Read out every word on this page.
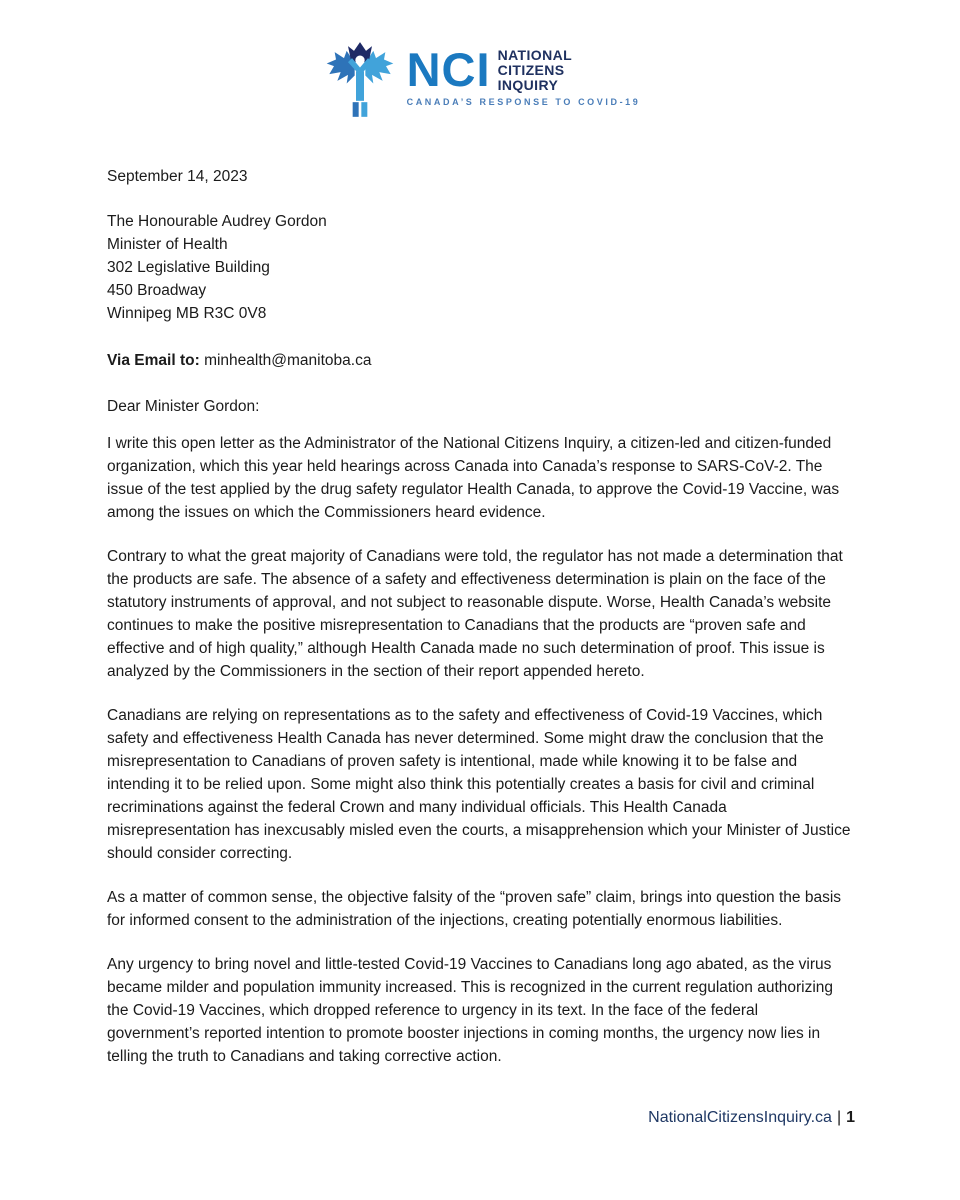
NCI NATIONAL
CITIZENS
INQUIRY
CANADA’S RESPONSE TO COVID-19

September 14, 2023

The Honourable Audrey Gordon

Minister of Health

302 Legislative Building

450 Broadway

Winnipeg MB R3C 0V8

Via Email to: minhealth@manitoba.ca

Dear Minister Gordon:

I write this open letter as the Administrator of the National Citizens Inquiry, a citizen-led and citizen-funded organization, which this year held hearings across Canada into Canada’s response to SARS-CoV-2. The issue of the test applied by the drug safety regulator Health Canada, to approve the Covid-19 Vaccine, was among the issues on which the Commissioners heard evidence.

Contrary to what the great majority of Canadians were told, the regulator has not made a determination that the products are safe. The absence of a safety and effectiveness determination is plain on the face of the statutory instruments of approval, and not subject to reasonable dispute. Worse, Health Canada’s website continues to make the positive misrepresentation to Canadians that the products are “proven safe and effective and of high quality,” although Health Canada made no such determination of proof. This issue is analyzed by the Commissioners in the section of their report appended hereto.

Canadians are relying on representations as to the safety and effectiveness of Covid-19 Vaccines, which safety and effectiveness Health Canada has never determined. Some might draw the conclusion that the misrepresentation to Canadians of proven safety is intentional, made while knowing it to be false and intending it to be relied upon. Some might also think this potentially creates a basis for civil and criminal recriminations against the federal Crown and many individual officials. This Health Canada misrepresentation has inexcusably misled even the courts, a misapprehension which your Minister of Justice should consider correcting.

As a matter of common sense, the objective falsity of the “proven safe” claim, brings into question the basis for informed consent to the administration of the injections, creating potentially enormous liabilities.

Any urgency to bring novel and little-tested Covid-19 Vaccines to Canadians long ago abated, as the virus became milder and population immunity increased. This is recognized in the current regulation authorizing the Covid-19 Vaccines, which dropped reference to urgency in its text. In the face of the federal government’s reported intention to promote booster injections in coming months, the urgency now lies in telling the truth to Canadians and taking corrective action.

NationalCitizensInquiry.ca | 1
